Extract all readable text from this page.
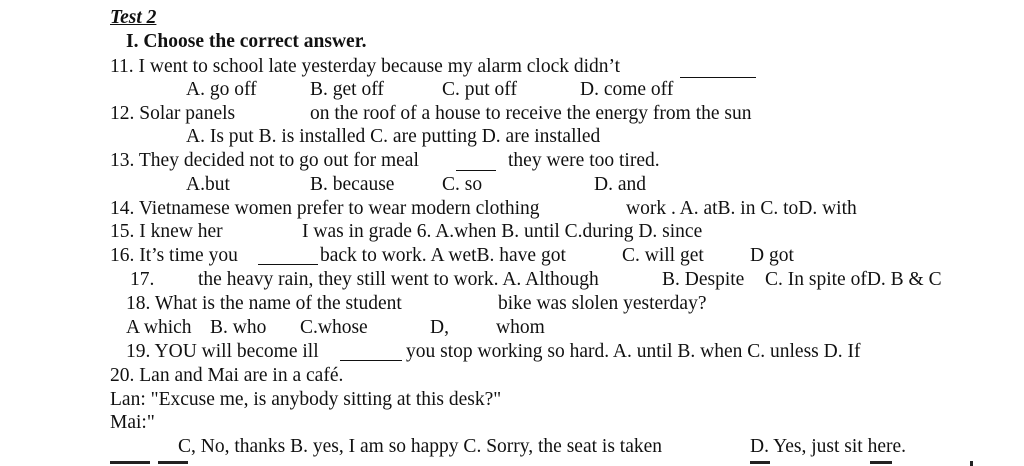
Test 2
I. Choose the correct answer.
11. I went to school late yesterday because my alarm clock didn’t
A. go off	B. get off	C. put off	D. come off
12. Solar panels	on the roof of a house to receive the energy from the sun
A. Is put B. is installed C. are putting D. are installed
13. They decided not to go out for meal	they were too tired.
A.but	B. because C. so	D. and
14. Vietnamese women prefer to wear modern clothing	work . A. atB. in C. toD. with
15. I knew her	I was in grade 6. A.when B. until C.during D. since
16. It’s time you	back to work. A wetB. have got	C. will get D got
17. the heavy rain, they still went to work. A. Although	B. Despite C. In spite ofD. B & C
18. What is the name of the student	bike was slolen yesterday?
A which B. who C.whose	D, whom
19. YOU will become ill	you stop working so hard. A. until B. when C. unless D. If
20. Lan and Mai are in a café.
Lan: "Excuse me, is anybody sitting at this desk?"
Mai:"
C, No, thanks B. yes, I am so happy C. Sorry, the seat is taken	D. Yes, just sit here.
